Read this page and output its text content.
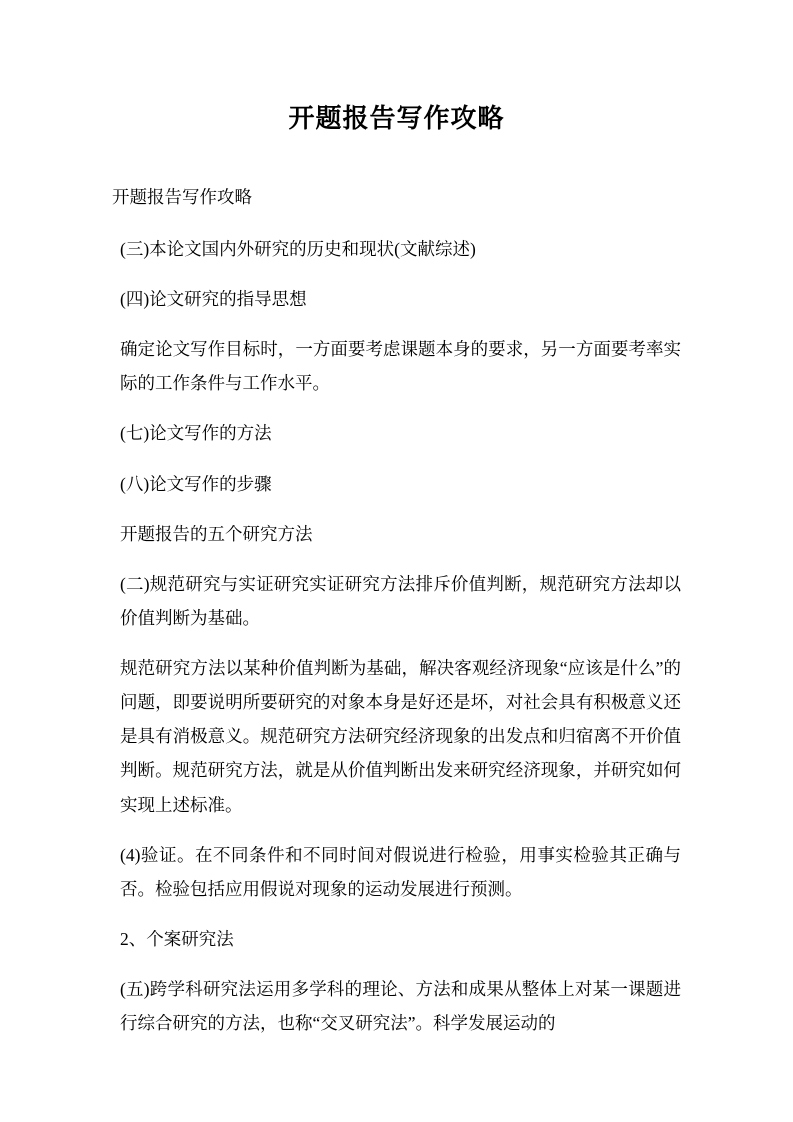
开题报告写作攻略

开题报告写作攻略

(三)本论文国内外研究的历史和现状(文献综述)

(四)论文研究的指导思想

确定论文写作目标时，一方面要考虑课题本身的要求，另一方面要考率实际的工作条件与工作水平。

(七)论文写作的方法

(八)论文写作的步骤

开题报告的五个研究方法

(二)规范研究与实证研究实证研究方法排斥价值判断，规范研究方法却以价值判断为基础。

规范研究方法以某种价值判断为基础，解决客观经济现象“应该是什么”的问题，即要说明所要研究的对象本身是好还是坏，对社会具有积极意义还是具有消极意义。规范研究方法研究经济现象的出发点和归宿离不开价值判断。规范研究方法，就是从价值判断出发来研究经济现象，并研究如何实现上述标准。

(4)验证。在不同条件和不同时间对假说进行检验，用事实检验其正确与否。检验包括应用假说对现象的运动发展进行预测。

2、个案研究法

(五)跨学科研究法运用多学科的理论、方法和成果从整体上对某一课题进行综合研究的方法，也称“交叉研究法”。科学发展运动的
